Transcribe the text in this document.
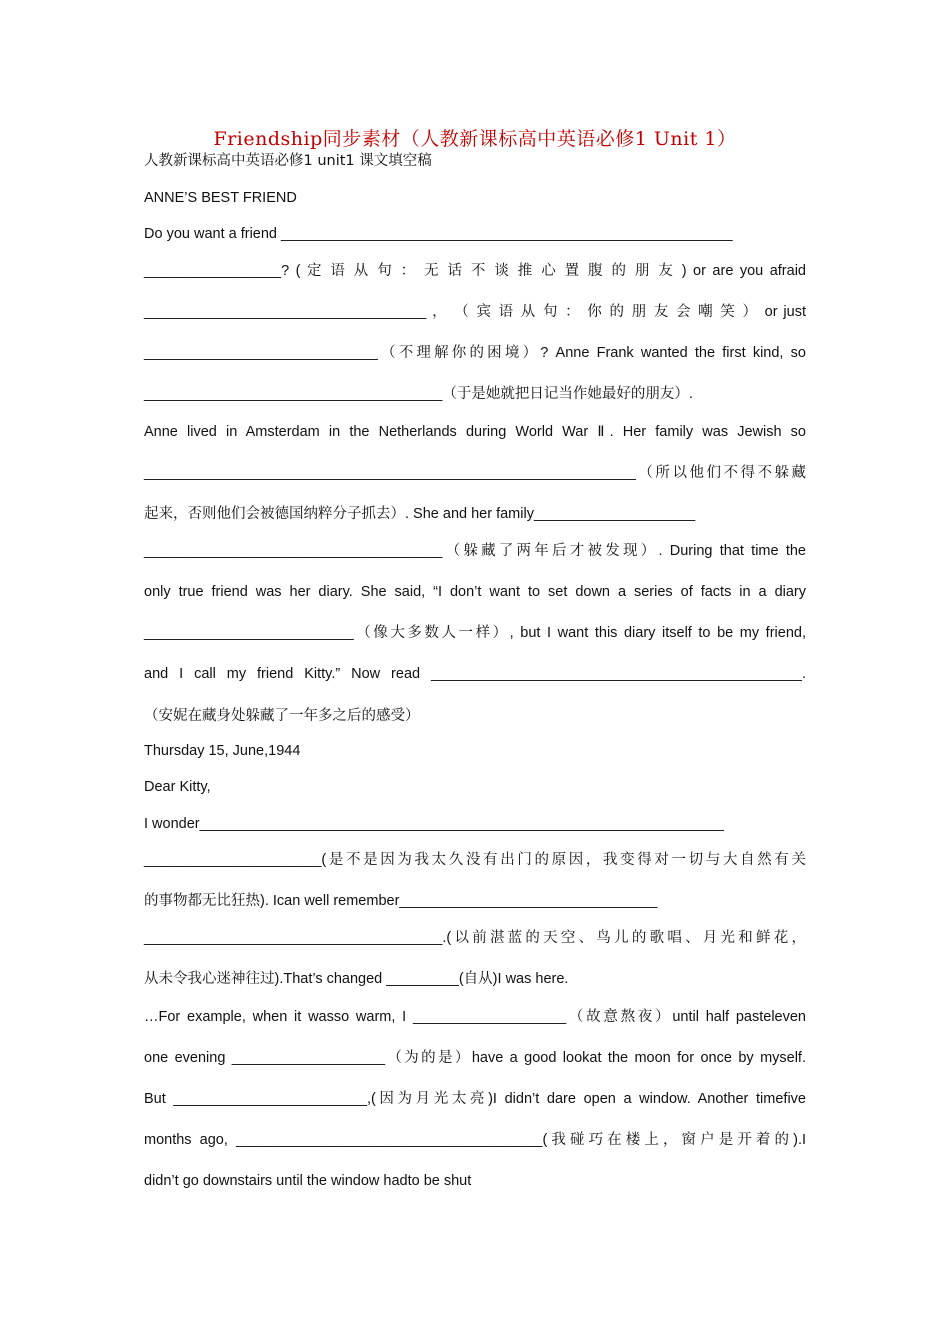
Friendship同步素材（人教新课标高中英语必修1 Unit 1）
人教新课标高中英语必修1 unit1 课文填空稿
ANNE’S BEST FRIEND
Do you want a friend ________________________________________________________
_________________? ( 定 语 从 句 ： 无 话 不 谈 推 心 置 腹 的 朋 友 ) or are you afraid
___________________________________ ， （ 宾 语 从 句 ： 你 的 朋 友 会 嘲 笑 ） or just
_____________________________（不理解你的困境）? Anne Frank wanted the first kind, so
_____________________________________（于是她就把日记当作她最好的朋友）.
Anne lived in Amsterdam in the Netherlands during World War Ⅱ. Her family was Jewish so
_____________________________________________________________（所以他们不得不躲藏
起来，否则他们会被德国纳粹分子抓去）. She and her family____________________
_____________________________________（躲藏了两年后才被发现）. During that time the
only true friend was her diary. She said, “I don’t want to set down a series of facts in a diary
__________________________（像大多数人一样）, but I want this diary itself to be my friend,
and I call my friend Kitty.” Now read ______________________________________________.
（安妮在藏身处躲藏了一年多之后的感受）
Thursday 15, June,1944
Dear Kitty,
I wonder_________________________________________________________________
______________________(是不是因为我太久没有出门的原因，我变得对一切与大自然有关
的事物都无比狂热). Ican well remember________________________________
_____________________________________.(以前湛蓝的天空、鸟儿的歌唱、月光和鲜花，
从未令我心迷神往过).That’s changed _________(自从)I was here.
…For example, when it wasso warm, I ___________________（故意熬夜）until half pasteleven
one evening ___________________（为的是）have a good lookat the moon for once by myself.
But ________________________,(因为月光太亮)I didn’t dare open a window. Another timefive
months ago, ______________________________________(我碰巧在楼上，窗户是开着的).I
didn’t go downstairs until the window hadto be shut
